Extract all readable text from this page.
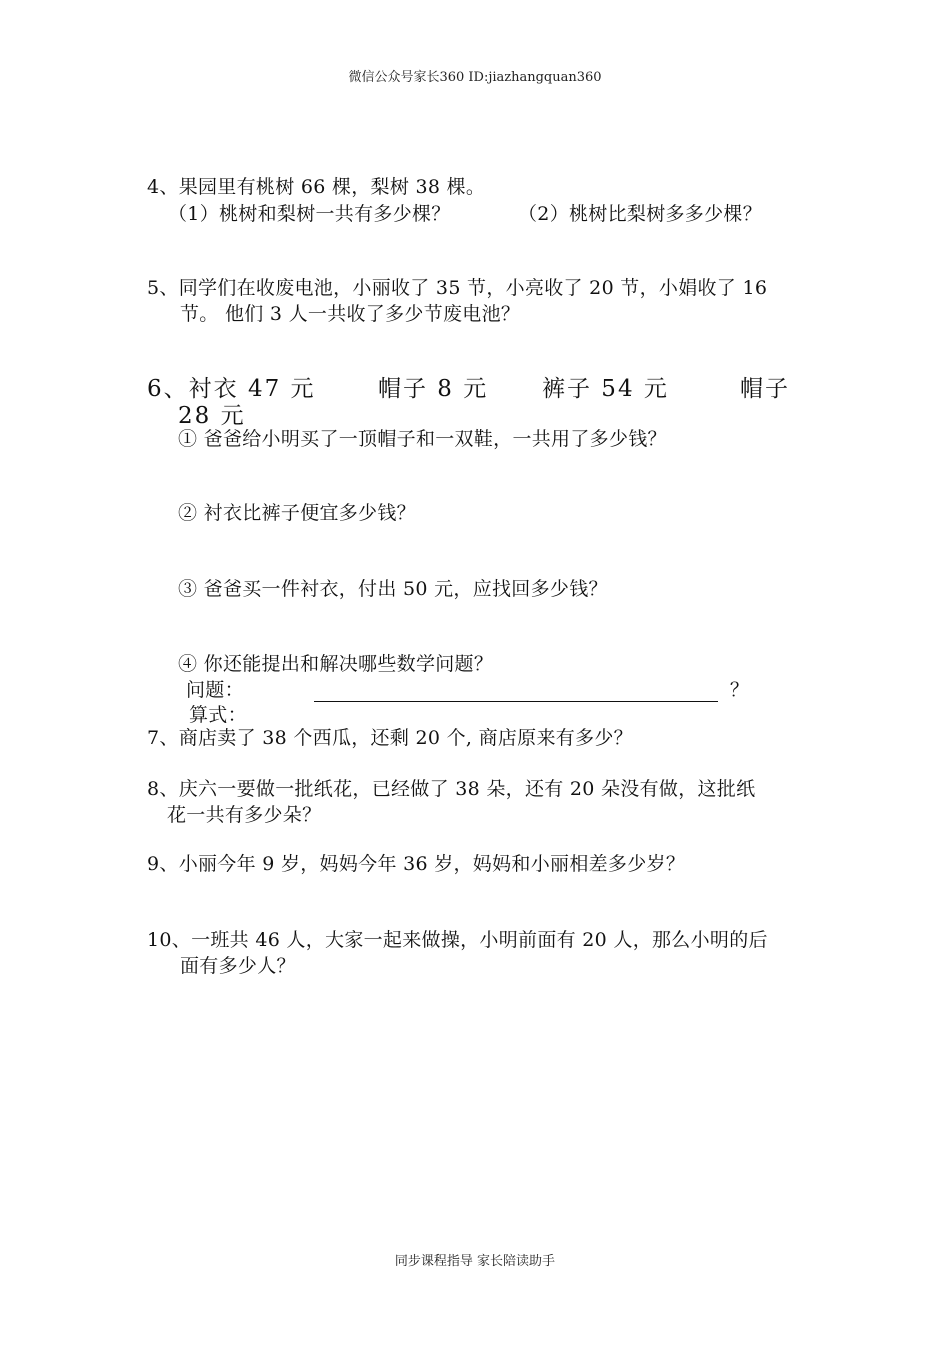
微信公众号家长360 ID:jiazhangquan360
4、果园里有桃树 66 棵，梨树 38 棵。
（1）桃树和梨树一共有多少棵？	（2）桃树比梨树多多少棵？
5、同学们在收废电池，小丽收了 35 节，小亮收了 20 节，小娟收了 16
节。 他们 3 人一共收了多少节废电池？
6、衬衣 47 元	帽子 8 元 裤子 54 元	帽子
28 元
① 爸爸给小明买了一顶帽子和一双鞋，一共用了多少钱？
② 衬衣比裤子便宜多少钱？
③ 爸爸买一件衬衣，付出 50 元，应找回多少钱？
④ 你还能提出和解决哪些数学问题？
问题：	？
算式：
7、商店卖了 38 个西瓜，还剩 20 个, 商店原来有多少？
8、庆六一要做一批纸花，已经做了 38 朵，还有 20 朵没有做，这批纸
花一共有多少朵？
9、小丽今年 9 岁，妈妈今年 36 岁，妈妈和小丽相差多少岁？
10、一班共 46 人，大家一起来做操，小明前面有 20 人，那么小明的后
面有多少人？
同步课程指导 家长陪读助手
